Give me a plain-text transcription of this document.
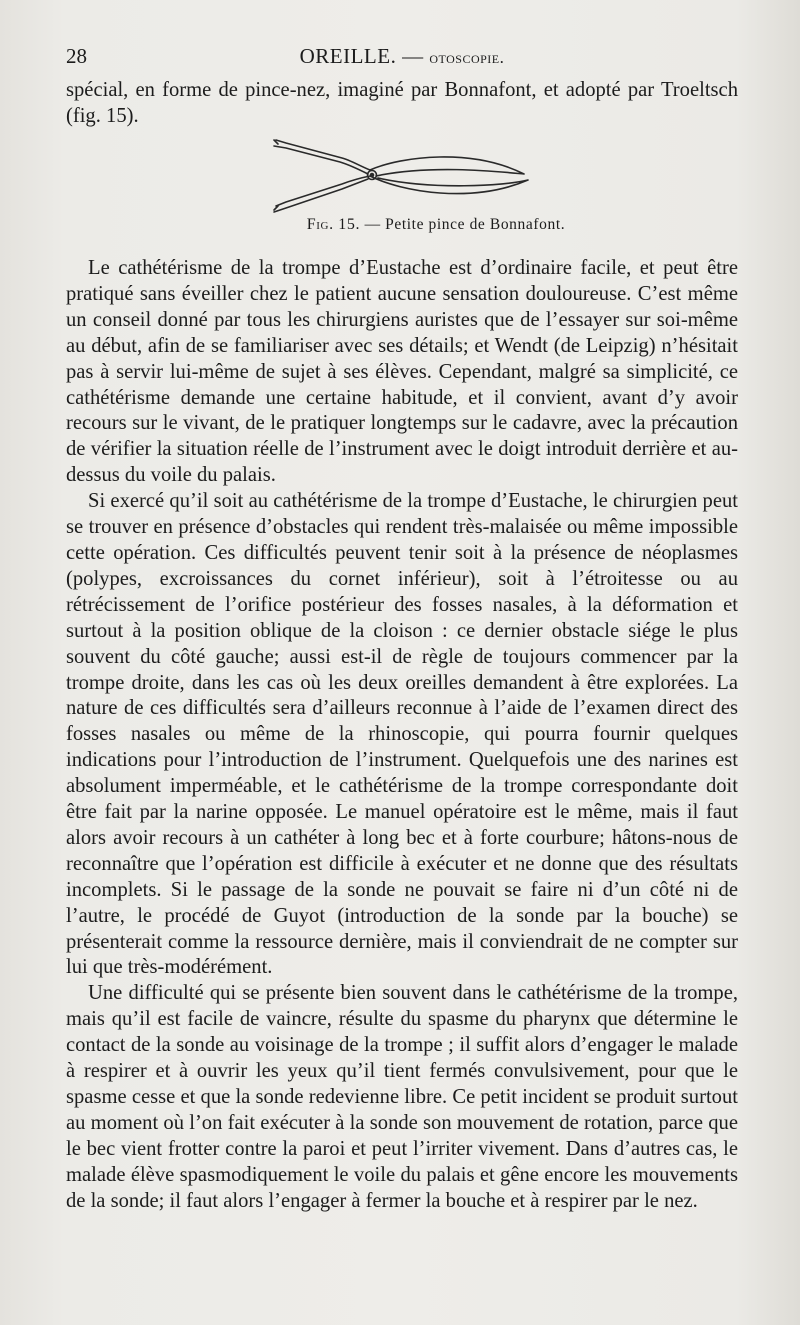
28	OREILLE. — otoscopie.

spécial, en forme de pince-nez, imaginé par Bonnafont, et adopté par Troeltsch (fig. 15).

Fig. 15. — Petite pince de Bonnafont.

Le cathétérisme de la trompe d’Eustache est d’ordinaire facile, et peut être pratiqué sans éveiller chez le patient aucune sensation douloureuse. C’est même un conseil donné par tous les chirurgiens auristes que de l’essayer sur soi-même au début, afin de se familiariser avec ses détails; et Wendt (de Leipzig) n’hésitait pas à servir lui-même de sujet à ses élèves. Cependant, malgré sa simplicité, ce cathétérisme demande une certaine habitude, et il convient, avant d’y avoir recours sur le vivant, de le pratiquer longtemps sur le cadavre, avec la précaution de vérifier la situation réelle de l’instrument avec le doigt introduit derrière et au-dessus du voile du palais.

Si exercé qu’il soit au cathétérisme de la trompe d’Eustache, le chirurgien peut se trouver en présence d’obstacles qui rendent très-malaisée ou même impossible cette opération. Ces difficultés peuvent tenir soit à la présence de néoplasmes (polypes, excroissances du cornet inférieur), soit à l’étroitesse ou au rétrécissement de l’orifice postérieur des fosses nasales, à la déformation et surtout à la position oblique de la cloison : ce dernier obstacle siége le plus souvent du côté gauche; aussi est-il de règle de toujours commencer par la trompe droite, dans les cas où les deux oreilles demandent à être explorées. La nature de ces difficultés sera d’ailleurs reconnue à l’aide de l’examen direct des fosses nasales ou même de la rhinoscopie, qui pourra fournir quelques indications pour l’introduction de l’instrument. Quelquefois une des narines est absolument imperméable, et le cathétérisme de la trompe correspondante doit être fait par la narine opposée. Le manuel opératoire est le même, mais il faut alors avoir recours à un cathéter à long bec et à forte courbure; hâtons-nous de reconnaître que l’opération est difficile à exécuter et ne donne que des résultats incomplets. Si le passage de la sonde ne pouvait se faire ni d’un côté ni de l’autre, le procédé de Guyot (introduction de la sonde par la bouche) se présenterait comme la ressource dernière, mais il conviendrait de ne compter sur lui que très-modérément.

Une difficulté qui se présente bien souvent dans le cathétérisme de la trompe, mais qu’il est facile de vaincre, résulte du spasme du pharynx que détermine le contact de la sonde au voisinage de la trompe ; il suffit alors d’engager le malade à respirer et à ouvrir les yeux qu’il tient fermés convulsivement, pour que le spasme cesse et que la sonde redevienne libre. Ce petit incident se produit surtout au moment où l’on fait exécuter à la sonde son mouvement de rotation, parce que le bec vient frotter contre la paroi et peut l’irriter vivement. Dans d’autres cas, le malade élève spasmodiquement le voile du palais et gêne encore les mouvements de la sonde; il faut alors l’engager à fermer la bouche et à respirer par le nez.
